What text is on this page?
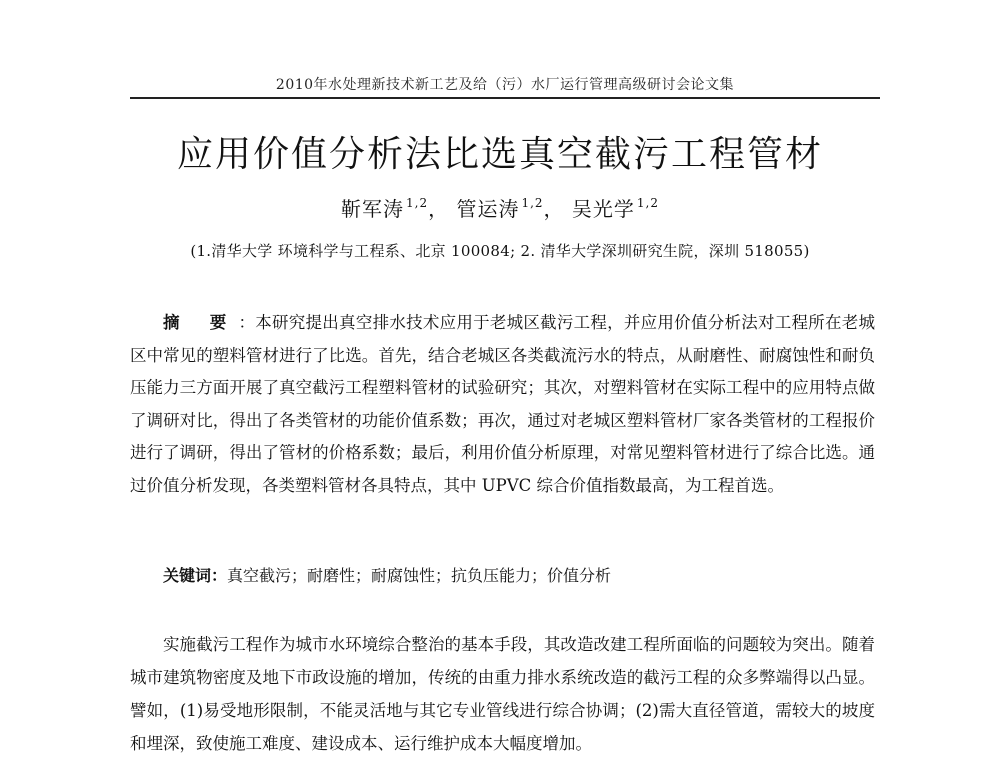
2010年水处理新技术新工艺及给（污）水厂运行管理高级研讨会论文集
应用价值分析法比选真空截污工程管材
靳军涛 $^{1,2}$， 管运涛 $^{1,2}$， 吴光学 $^{1,2}$
(1.清华大学 环境科学与工程系、北京 100084; 2. 清华大学深圳研究生院，深圳 518055)
摘 要：本研究提出真空排水技术应用于老城区截污工程，并应用价值分析法对工程所在老城区中常见的塑料管材进行了比选。首先，结合老城区各类截流污水的特点，从耐磨性、耐腐蚀性和耐负压能力三方面开展了真空截污工程塑料管材的试验研究；其次，对塑料管材在实际工程中的应用特点做了调研对比，得出了各类管材的功能价值系数；再次，通过对老城区塑料管材厂家各类管材的工程报价进行了调研，得出了管材的价格系数；最后，利用价值分析原理，对常见塑料管材进行了综合比选。通过价值分析发现，各类塑料管材各具特点，其中 UPVC 综合价值指数最高，为工程首选。
关键词：真空截污；耐磨性；耐腐蚀性；抗负压能力；价值分析
实施截污工程作为城市水环境综合整治的基本手段，其改造改建工程所面临的问题较为突出。随着城市建筑物密度及地下市政设施的增加，传统的由重力排水系统改造的截污工程的众多弊端得以凸显。譬如，(1)易受地形限制，不能灵活地与其它专业管线进行综合协调；(2)需大直径管道，需较大的坡度和埋深，致使施工难度、建设成本、运行维护成本大幅度增加。
